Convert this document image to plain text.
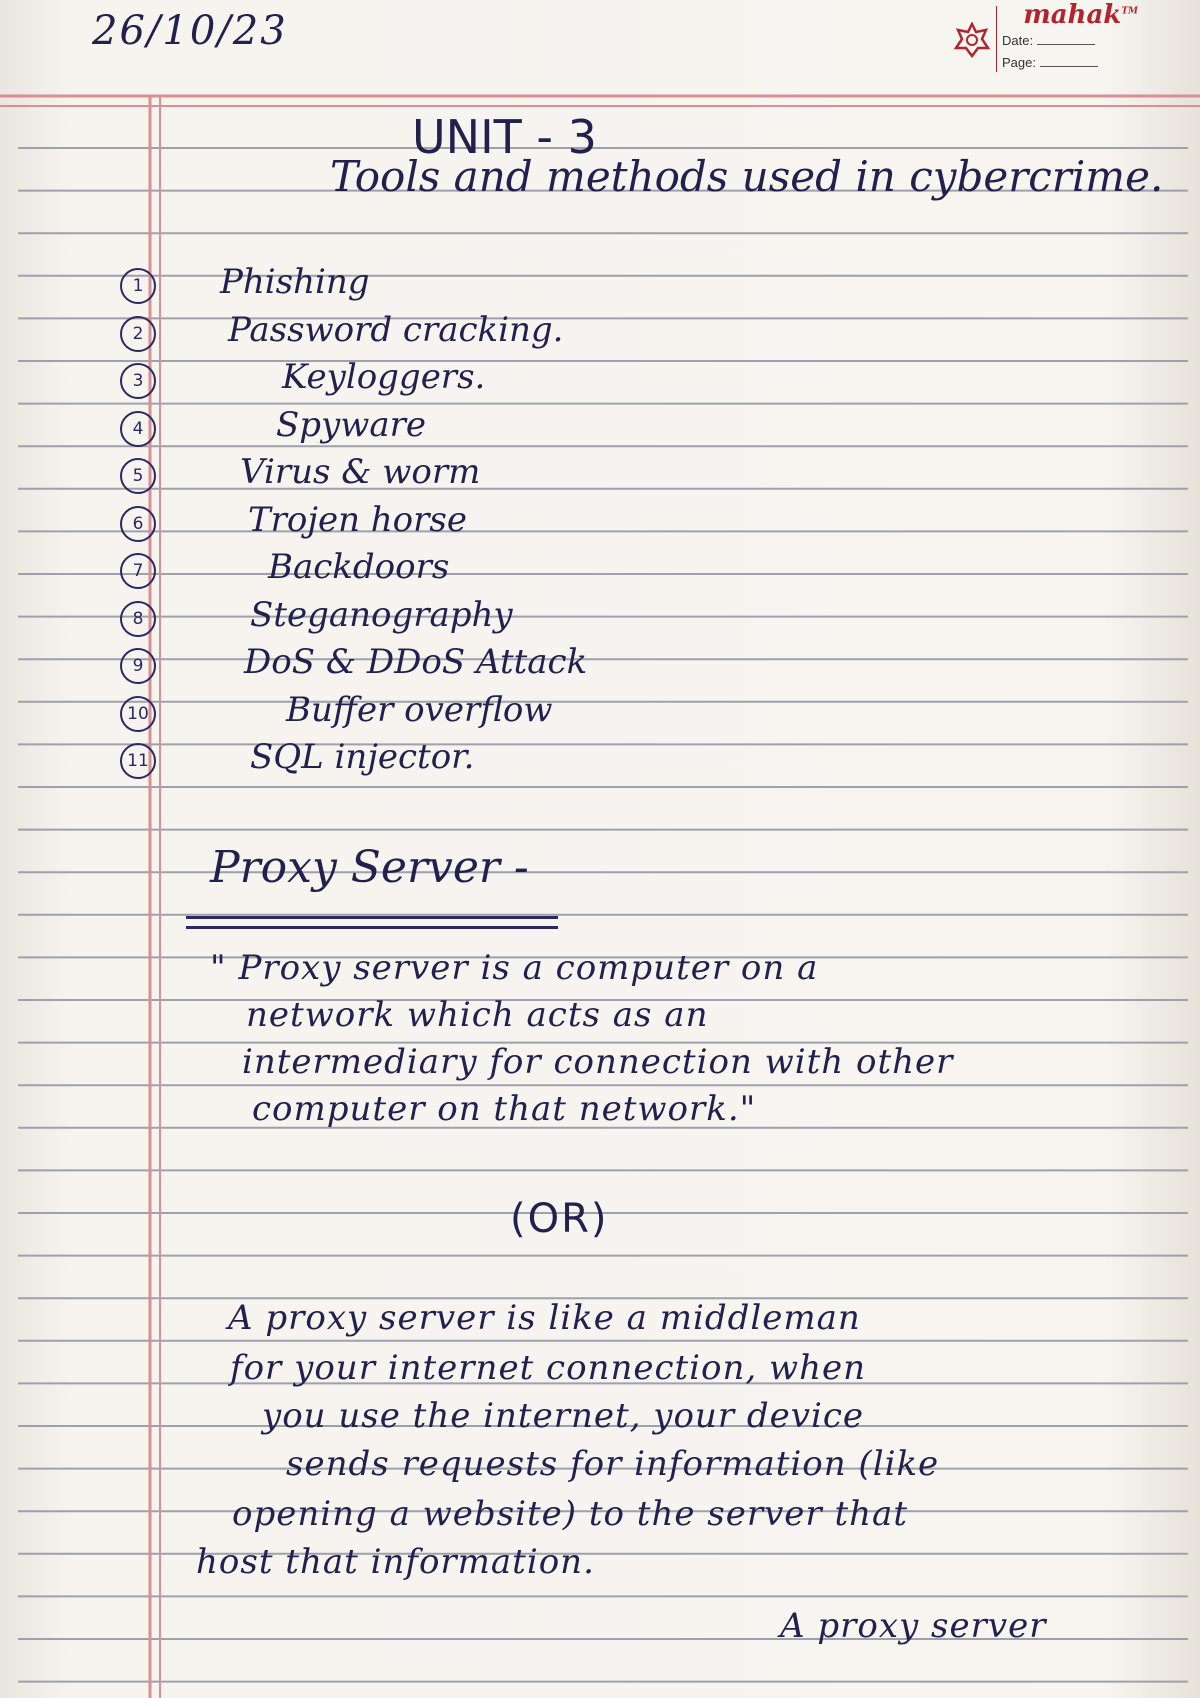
26/10/23	mahak™
Date:
Page:
UNIT - 3
Tools and methods used in cybercrime.
1	Phishing
2	Password cracking.
3	Keyloggers.
4	Spyware
5	Virus & worm
6	Trojen horse
7	Backdoors
8	Steganography
9	DoS & DDoS Attack
10	Buffer overflow
11	SQL injector.
Proxy Server -
" Proxy server is a computer on a
network which acts as an
intermediary for connection with other
computer on that network."
(OR)
A proxy server is like a middleman
for your internet connection, when
you use the internet, your device
sends requests for information (like
opening a website) to the server that
host that information.
A proxy server
